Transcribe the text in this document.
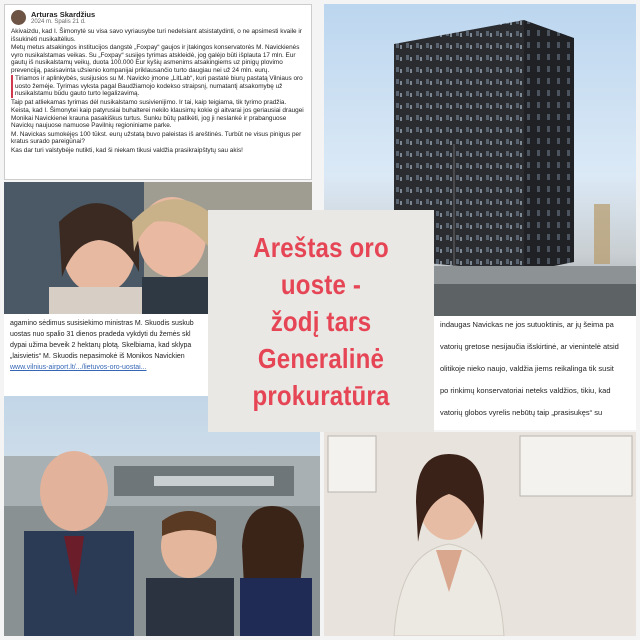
Arturas Skardžius
2024 m. Spalis 21 d.

Akivaizdu, kad I. Šimonytė su visa savo vyriausybe turi nedelsiant atsistatydinti, o ne apsimesti kvaile ir išsukinėti nusikaltėlius.

Metų metus atsakingos institucijos dangstė „Foxpay“ gaujos ir įtakingos konservatorės M. Navickienės vyro nusikalstamas veikas. Su „Foxpay“ susijęs tyrimas atskleidė, jog galėjo būti išplauta 17 mln. Eur gautų iš nusikalstamų veikų, duota 100.000 Eur kyšių asmenims atsakingiems uz pinigų plovimo prevenciją, pasisavinta užsienio kompanijai priklausančio turto daugiau nei už 24 mln. eurų.

Tiriamos ir aplinkybės, susijusios su M. Navicko įmone „LitLab“, kuri pastatė biurų pastatą Vilniaus oro uosto žemėje. Tyrimas vyksta pagal Baudžiamojo kodekso straipsnį, numatantį atsakomybę už nusikalstamu būdu gauto turto legalizavimą.

Taip pat atliekamas tyrimas dėl nusikalstamo susivienijimo. Ir tai, kaip teigiama, tik tyrimo pradžia.

Keista, kad I. Šimonytei kaip patyrusiai buhalterei nekilo klausimų kokie gi aitvarai jos geriausiai draugei Monikai Navickienei krauna pasakiškus turtus. Sunku būtų patikėti, jog ji neslankė ir prabanguose Navickų naujuose namuose Pavilnių regioniniame parke.

M. Navickas sumokėjęs 100 tūkst. eurų užstatą buvo paleistas iš areštinės. Turbūt ne visus pinigus per kratus surado pareigūnai?

Kas dar turi valstybėje nutikti, kad ši niekam tikusi valdžia prasikraipštytų sau akis!

agamino sėdimus susisiekimo ministras M. Skuodis suskub
uostas nuo spalio 31 dienos pradeda vykdyti du žemės skl
dypai užima beveik 2 hektarų plotą. Skelbiama, kad sklypa
„laisvietis“ M. Skuodis nepasimokė iš Monikos Navickien
www.vilnius-airport.lt/.../lietuvos-oro-uostai...

indaugas Navickas ne jos sutuoktinis, ar jų šeima pa

vatorių gretose nesijaučia išskirtinė, ar vienintelė atsid

olitikoje nieko naujo, valdžia jiems reikalinga tik susit

po rinkimų konservatoriai neteks valdžios, tikiu, kad

vatorių globos vyrelis nebūtų taip „prasisukęs“ su

Areštas oro uoste -
žodį tars
Generalinė
prokuratūra
